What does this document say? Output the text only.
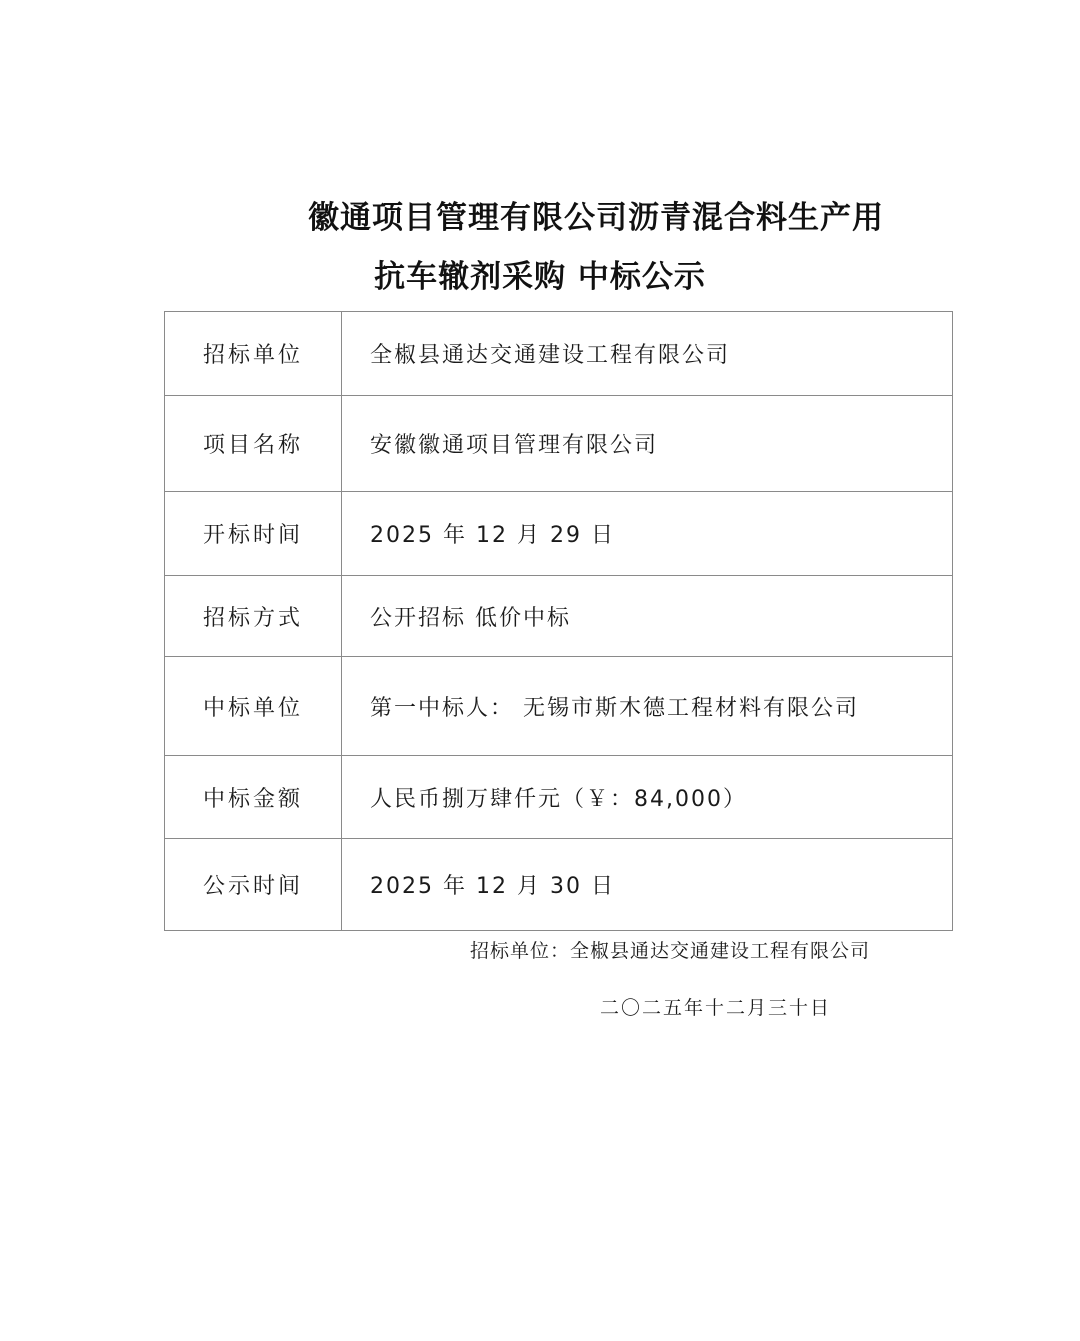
徽通项目管理有限公司沥青混合料生产用
抗车辙剂采购 中标公示
招标单位	全椒县通达交通建设工程有限公司
项目名称	安徽徽通项目管理有限公司
开标时间	2025 年 12 月 29 日
招标方式	公开招标 低价中标
中标单位	第一中标人： 无锡市斯木德工程材料有限公司
中标金额	人民币捌万肆仟元（￥：84,000）
公示时间	2025 年 12 月 30 日
招标单位：全椒县通达交通建设工程有限公司
二〇二五年十二月三十日
